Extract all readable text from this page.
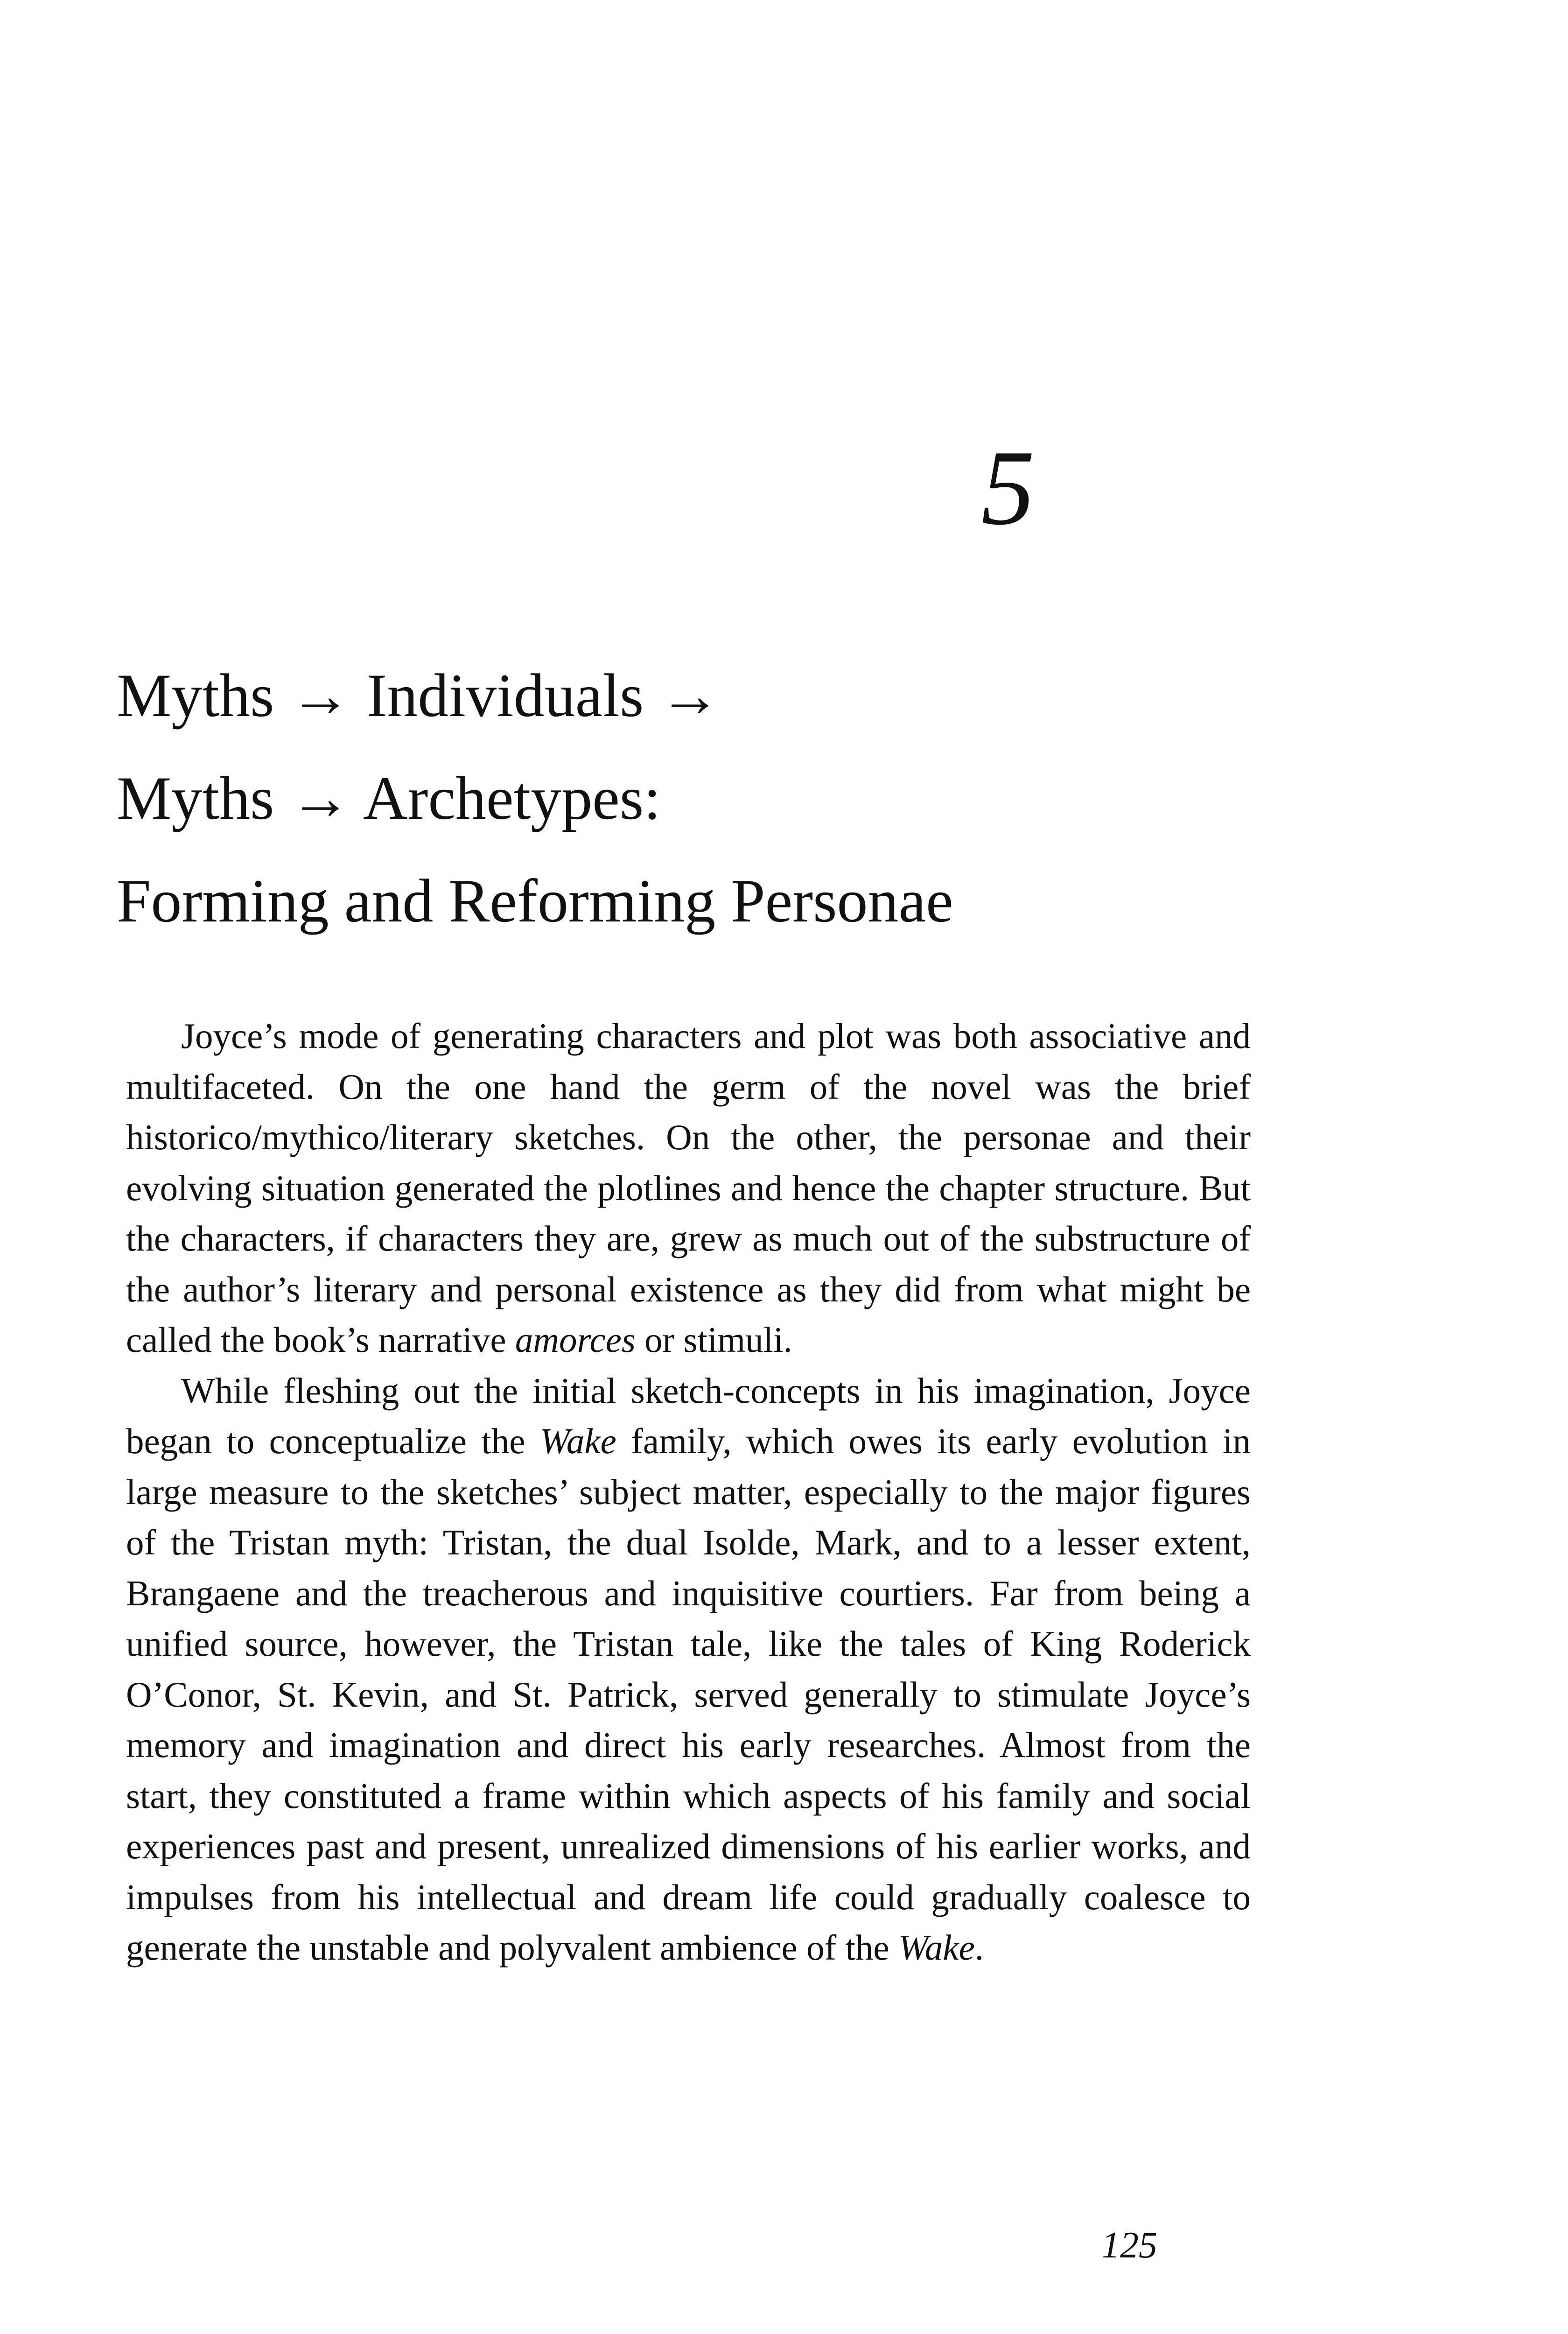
5
Myths → Individuals →
Myths → Archetypes:
Forming and Reforming Personae

Joyce’s mode of generating characters and plot was both associative and multifaceted. On the one hand the germ of the novel was the brief historico/mythico/literary sketches. On the other, the personae and their evolving situation generated the plotlines and hence the chapter structure. But the characters, if characters they are, grew as much out of the substructure of the author’s literary and personal existence as they did from what might be called the book’s narrative amorces or stimuli.

While fleshing out the initial sketch-concepts in his imagination, Joyce began to conceptualize the Wake family, which owes its early evolution in large measure to the sketches’ subject matter, especially to the major figures of the Tristan myth: Tristan, the dual Isolde, Mark, and to a lesser extent, Brangaene and the treacherous and inquisitive courtiers. Far from being a unified source, however, the Tristan tale, like the tales of King Roderick O’Conor, St. Kevin, and St. Patrick, served generally to stimulate Joyce’s memory and imagination and direct his early researches. Almost from the start, they constituted a frame within which aspects of his family and social experiences past and present, unrealized dimensions of his earlier works, and impulses from his intellectual and dream life could gradually coalesce to generate the unstable and polyvalent ambience of the Wake.

125
